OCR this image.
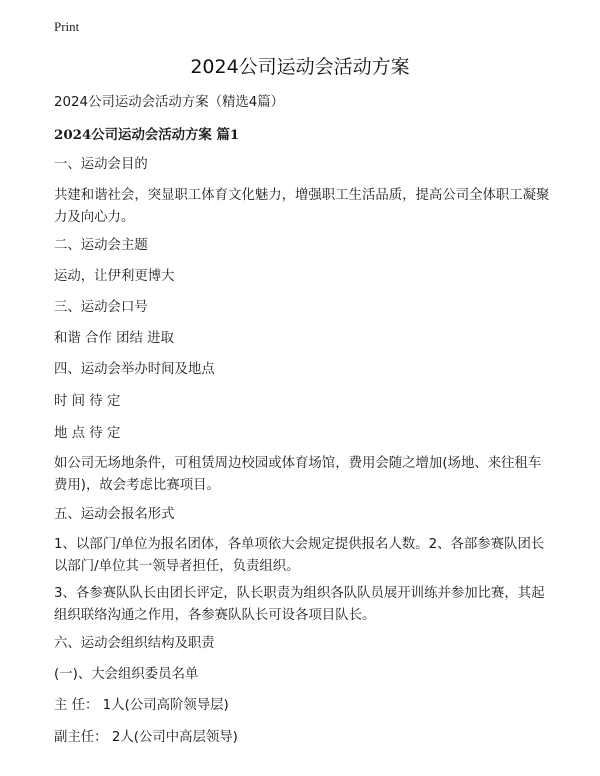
Print
2024公司运动会活动方案
2024公司运动会活动方案（精选4篇）
2024公司运动会活动方案 篇1
一、运动会目的
共建和谐社会，突显职工体育文化魅力，增强职工生活品质，提高公司全体职工凝聚力及向心力。
二、运动会主题
运动，让伊利更博大
三、运动会口号
和谐 合作 团结 进取
四、运动会举办时间及地点
时 间 待 定
地 点 待 定
如公司无场地条件，可租赁周边校园或体育场馆，费用会随之增加(场地、来往租车费用)，故会考虑比赛项目。
五、运动会报名形式
1、以部门/单位为报名团体，各单项依大会规定提供报名人数。2、各部参赛队团长以部门/单位其一领导者担任，负责组织。
3、各参赛队队长由团长评定，队长职责为组织各队队员展开训练并参加比赛，其起组织联络沟通之作用，各参赛队队长可设各项目队长。
六、运动会组织结构及职责
(一)、大会组织委员名单
主 任： 1人(公司高阶领导层)
副主任： 2人(公司中高层领导)
